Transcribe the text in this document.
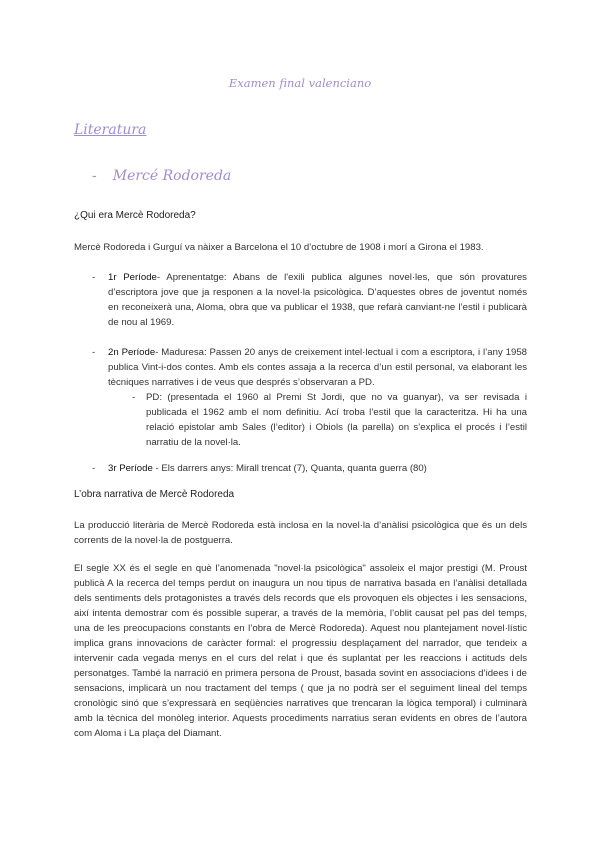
Examen final valenciano
Literatura
- Mercé Rodoreda
¿Qui era Mercè Rodoreda?
Mercè Rodoreda i Gurguí va nàixer a Barcelona el 10 d’octubre de 1908 i morí a Girona el 1983.
- 1r Període- Aprenentatge: Abans de l'exili publica algunes novel·les, que són provatures d’escriptora jove que ja responen a la novel·la psicològica. D’aquestes obres de joventut només en reconeixerà una, Aloma, obra que va publicar el 1938, que refarà canviant-ne l’estil i publicarà de nou al 1969.
- 2n Període- Maduresa: Passen 20 anys de creixement intel·lectual i com a escriptora, i l’any 1958 publica Vint-i-dos contes. Amb els contes assaja a la recerca d’un estil personal, va elaborant les tècniques narratives i de veus que després s’observaran a PD.
- PD: (presentada el 1960 al Premi St Jordi, que no va guanyar), va ser revisada i publicada el 1962 amb el nom definitiu. Ací troba l’estil que la caracteritza. Hi ha una relació epistolar amb Sales (l’editor) i Obiols (la parella) on s’explica el procés i l’estil narratiu de la novel·la.
- 3r Període - Els darrers anys: Mirall trencat (7), Quanta, quanta guerra (80)
L’obra narrativa de Mercè Rodoreda
La producció literària de Mercè Rodoreda està inclosa en la novel·la d’anàlisi psicològica que és un dels corrents de la novel·la de postguerra.
El segle XX és el segle en què l’anomenada "novel·la psicològica" assoleix el major prestigi (M. Proust publicà A la recerca del temps perdut on inaugura un nou tipus de narrativa basada en l’anàlisi detallada dels sentiments dels protagonistes a través dels records que els provoquen els objectes i les sensacions, així intenta demostrar com és possible superar, a través de la memòria, l’oblit causat pel pas del temps, una de les preocupacions constants en l’obra de Mercè Rodoreda). Aquest nou plantejament novel·lístic implica grans innovacions de caràcter formal: el progressiu desplaçament del narrador, que tendeix a intervenir cada vegada menys en el curs del relat i que és suplantat per les reaccions i actituds dels personatges. També la narració en primera persona de Proust, basada sovint en associacions d’idees i de sensacions, implicarà un nou tractament del temps ( que ja no podrà ser el seguiment lineal del temps cronològic sinó que s’expressarà en seqüències narratives que trencaran la lògica temporal) i culminarà amb la tècnica del monòleg interior. Aquests procediments narratius seran evidents en obres de l’autora com Aloma i La plaça del Diamant.
